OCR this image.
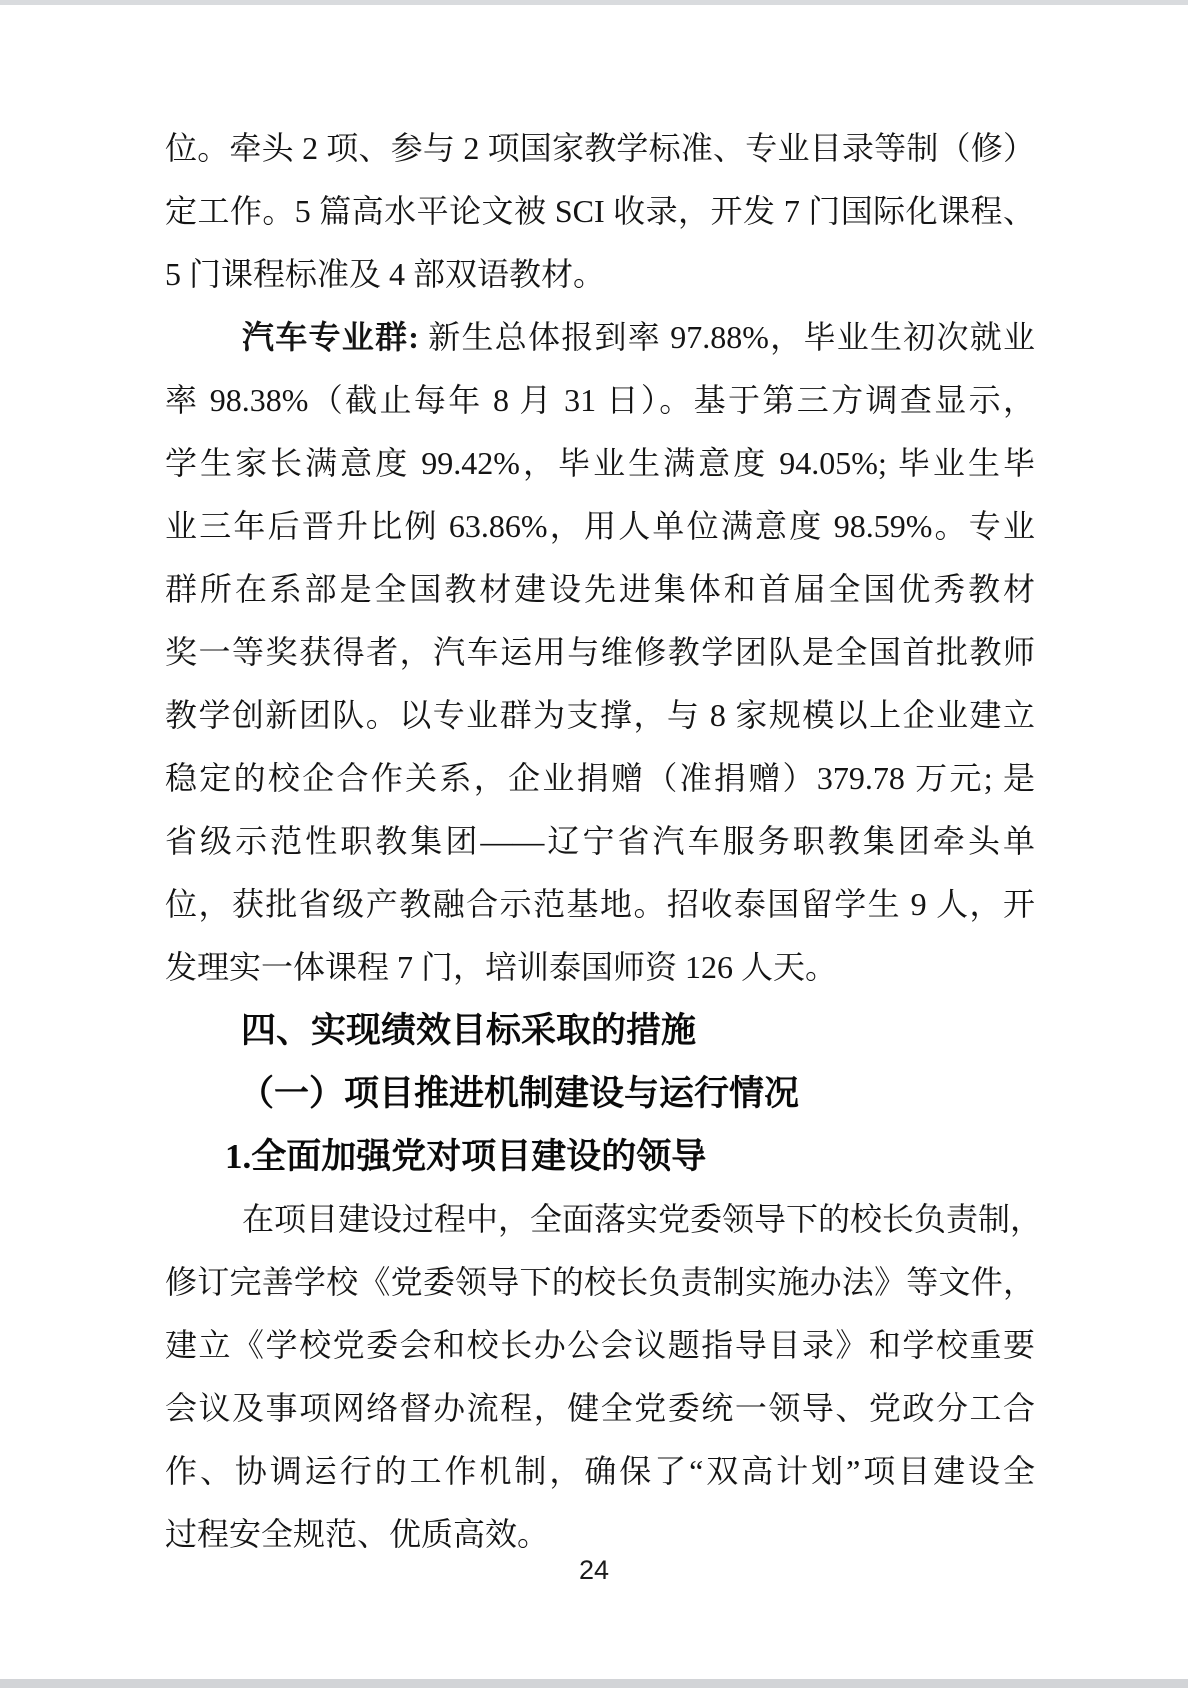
位。牵头 2 项、参与 2 项国家教学标准、专业目录等制（修）
定工作。5 篇高水平论文被 SCI 收录，开发 7 门国际化课程、
5 门课程标准及 4 部双语教材。
汽车专业群: 新生总体报到率 97.88%，毕业生初次就业
率 98.38%（截止每年 8 月 31 日）。基于第三方调查显示，
学生家长满意度 99.42%，毕业生满意度 94.05%; 毕业生毕
业三年后晋升比例 63.86%，用人单位满意度 98.59%。专业
群所在系部是全国教材建设先进集体和首届全国优秀教材
奖一等奖获得者，汽车运用与维修教学团队是全国首批教师
教学创新团队。以专业群为支撑，与 8 家规模以上企业建立
稳定的校企合作关系，企业捐赠（准捐赠）379.78 万元; 是
省级示范性职教集团——辽宁省汽车服务职教集团牵头单
位，获批省级产教融合示范基地。招收泰国留学生 9 人，开
发理实一体课程 7 门，培训泰国师资 126 人天。
四、实现绩效目标采取的措施
（一）项目推进机制建设与运行情况
1.全面加强党对项目建设的领导
在项目建设过程中，全面落实党委领导下的校长负责制，
修订完善学校《党委领导下的校长负责制实施办法》等文件，
建立《学校党委会和校长办公会议题指导目录》和学校重要
会议及事项网络督办流程，健全党委统一领导、党政分工合
作、协调运行的工作机制，确保了“双高计划”项目建设全
过程安全规范、优质高效。
24
